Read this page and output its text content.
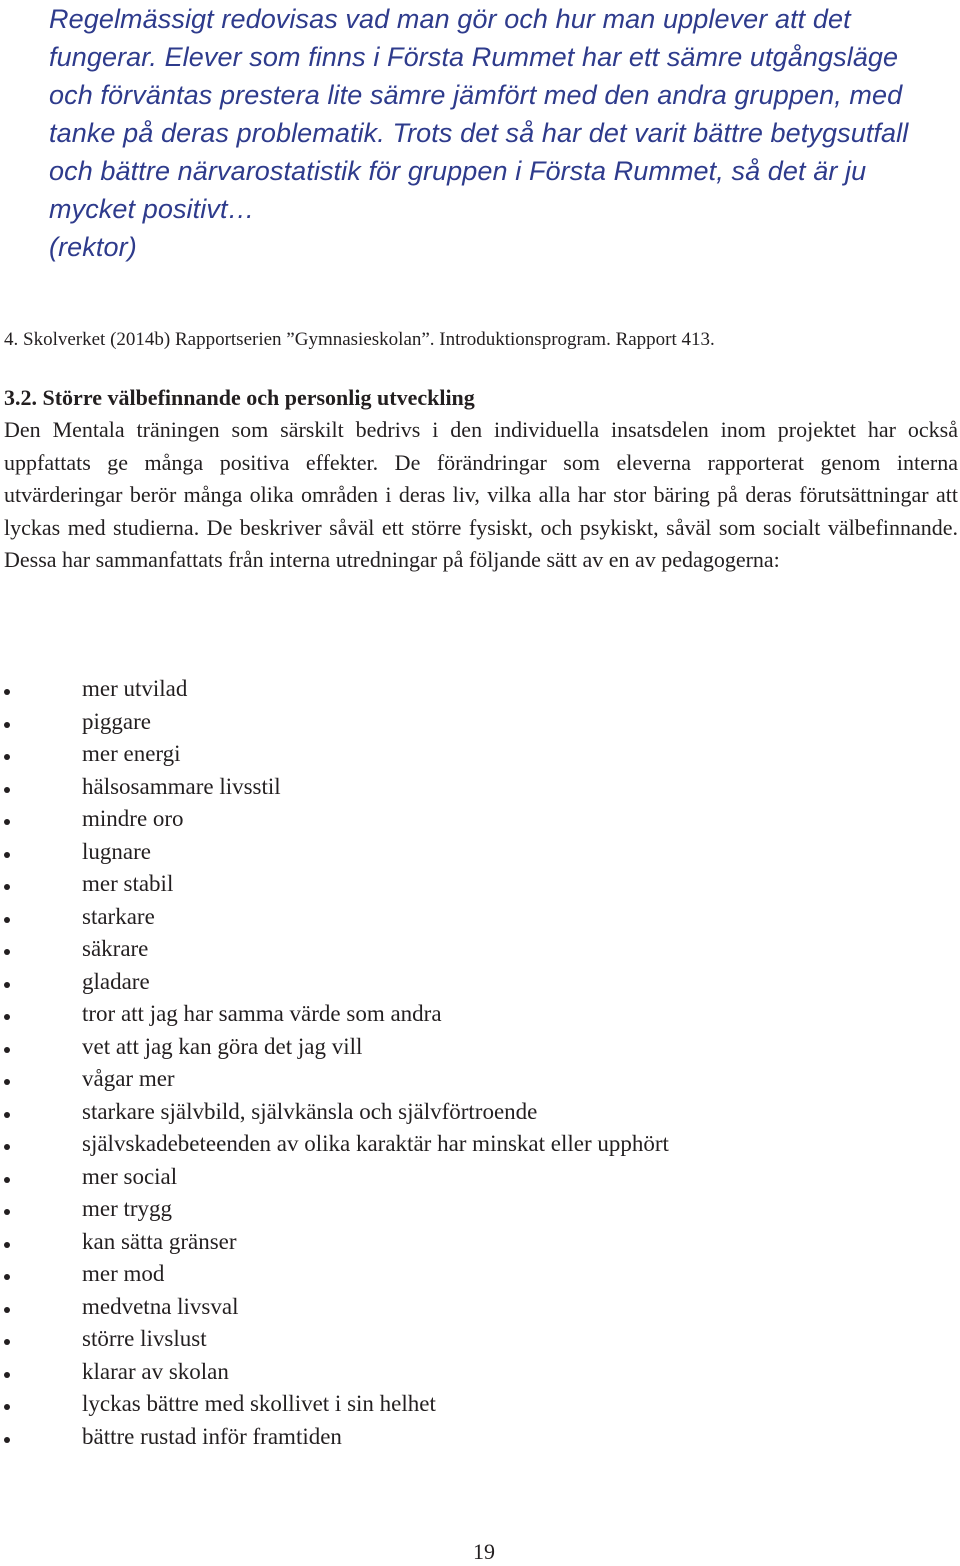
Regelmässigt redovisas vad man gör och hur man upplever att det fungerar. Elever som finns i Första Rummet har ett sämre utgångsläge och förväntas prestera lite sämre jämfört med den andra gruppen, med tanke på deras problematik. Trots det så har det varit bättre betygsutfall och bättre närvarostatistik för gruppen i Första Rummet, så det är ju mycket positivt…

(rektor)

4. Skolverket (2014b) Rapportserien ”Gymnasieskolan”. Introduktionsprogram. Rapport 413.

3.2. Större välbefinnande och personlig utveckling

Den Mentala träningen som särskilt bedrivs i den individuella insatsdelen inom projektet har också uppfattats ge många positiva effekter. De förändringar som eleverna rapporterat genom interna utvärderingar berör många olika områden i deras liv, vilka alla har stor bäring på deras förutsättningar att lyckas med studierna. De beskriver såväl ett större fysiskt, och psykiskt, såväl som socialt välbefinnande. Dessa har sammanfattats från interna utredningar på följande sätt av en av pedagogerna:

mer utvilad
piggare
mer energi
hälsosammare livsstil
mindre oro
lugnare
mer stabil
starkare
säkrare
gladare
tror att jag har samma värde som andra
vet att jag kan göra det jag vill
vågar mer
starkare självbild, självkänsla och självförtroende
självskadebeteenden av olika karaktär har minskat eller upphört
mer social
mer trygg
kan sätta gränser
mer mod
medvetna livsval
större livslust
klarar av skolan
lyckas bättre med skollivet i sin helhet
bättre rustad inför framtiden
19
